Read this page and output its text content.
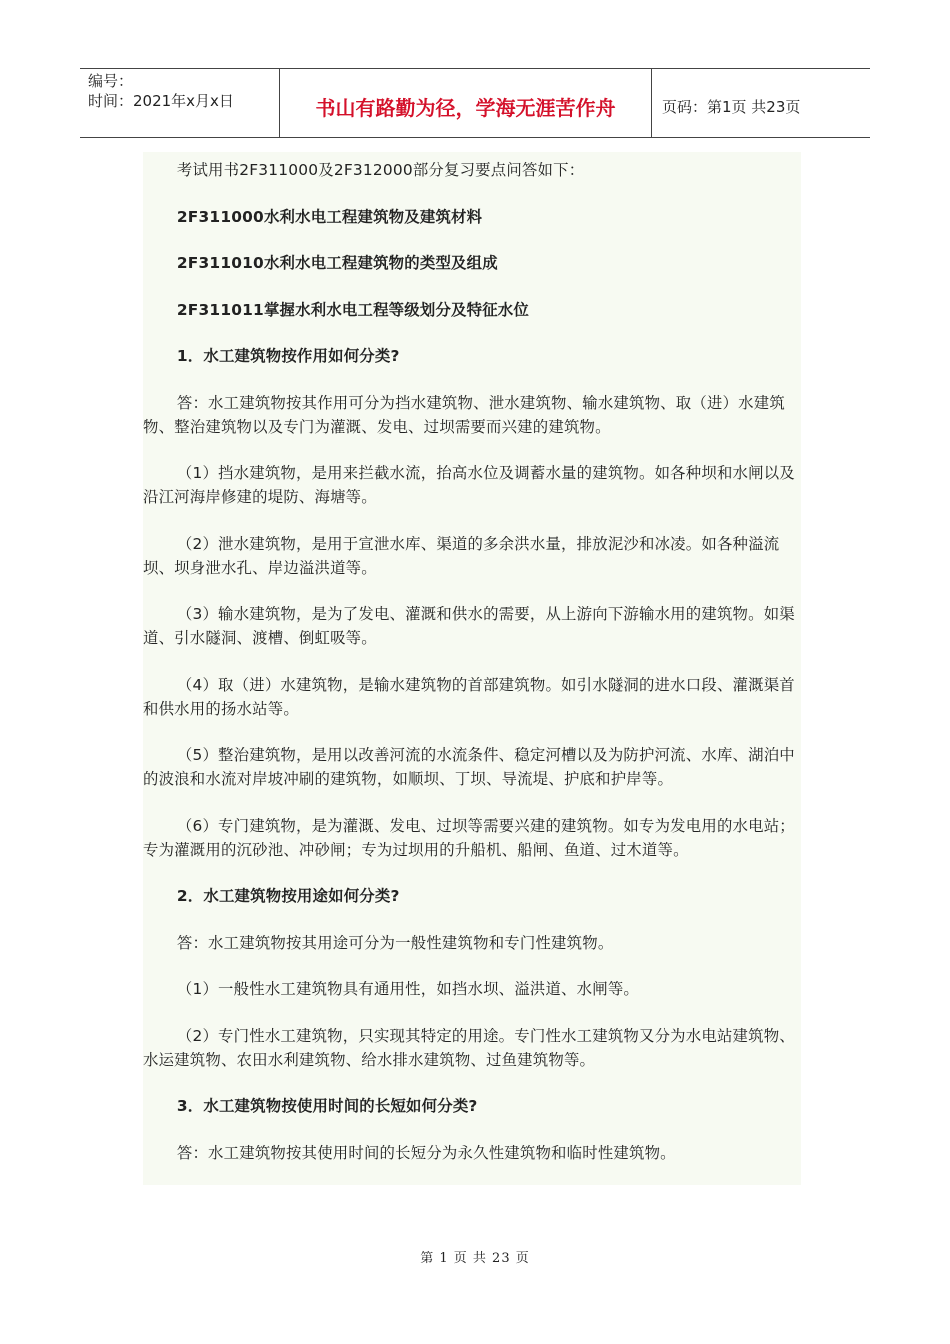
编号：
时间：2021年x月x日	书山有路勤为径，学海无涯苦作舟	页码：第1页 共23页

考试用书2F311000及2F312000部分复习要点问答如下：

2F311000水利水电工程建筑物及建筑材料

2F311010水利水电工程建筑物的类型及组成

2F311011掌握水利水电工程等级划分及特征水位

1．水工建筑物按作用如何分类?

答：水工建筑物按其作用可分为挡水建筑物、泄水建筑物、输水建筑物、取（进）水建筑物、整治建筑物以及专门为灌溉、发电、过坝需要而兴建的建筑物。

（1）挡水建筑物，是用来拦截水流，抬高水位及调蓄水量的建筑物。如各种坝和水闸以及沿江河海岸修建的堤防、海塘等。

（2）泄水建筑物，是用于宣泄水库、渠道的多余洪水量，排放泥沙和冰凌。如各种溢流坝、坝身泄水孔、岸边溢洪道等。

（3）输水建筑物，是为了发电、灌溉和供水的需要，从上游向下游输水用的建筑物。如渠道、引水隧洞、渡槽、倒虹吸等。

（4）取（进）水建筑物，是输水建筑物的首部建筑物。如引水隧洞的进水口段、灌溉渠首和供水用的扬水站等。

（5）整治建筑物，是用以改善河流的水流条件、稳定河槽以及为防护河流、水库、湖泊中的波浪和水流对岸坡冲刷的建筑物，如顺坝、丁坝、导流堤、护底和护岸等。

（6）专门建筑物，是为灌溉、发电、过坝等需要兴建的建筑物。如专为发电用的水电站；专为灌溉用的沉砂池、冲砂闸；专为过坝用的升船机、船闸、鱼道、过木道等。

2．水工建筑物按用途如何分类?

答：水工建筑物按其用途可分为一般性建筑物和专门性建筑物。

（1）一般性水工建筑物具有通用性，如挡水坝、溢洪道、水闸等。

（2）专门性水工建筑物，只实现其特定的用途。专门性水工建筑物又分为水电站建筑物、水运建筑物、农田水利建筑物、给水排水建筑物、过鱼建筑物等。

3．水工建筑物按使用时间的长短如何分类?

答：水工建筑物按其使用时间的长短分为永久性建筑物和临时性建筑物。

第 1 页 共 23 页
